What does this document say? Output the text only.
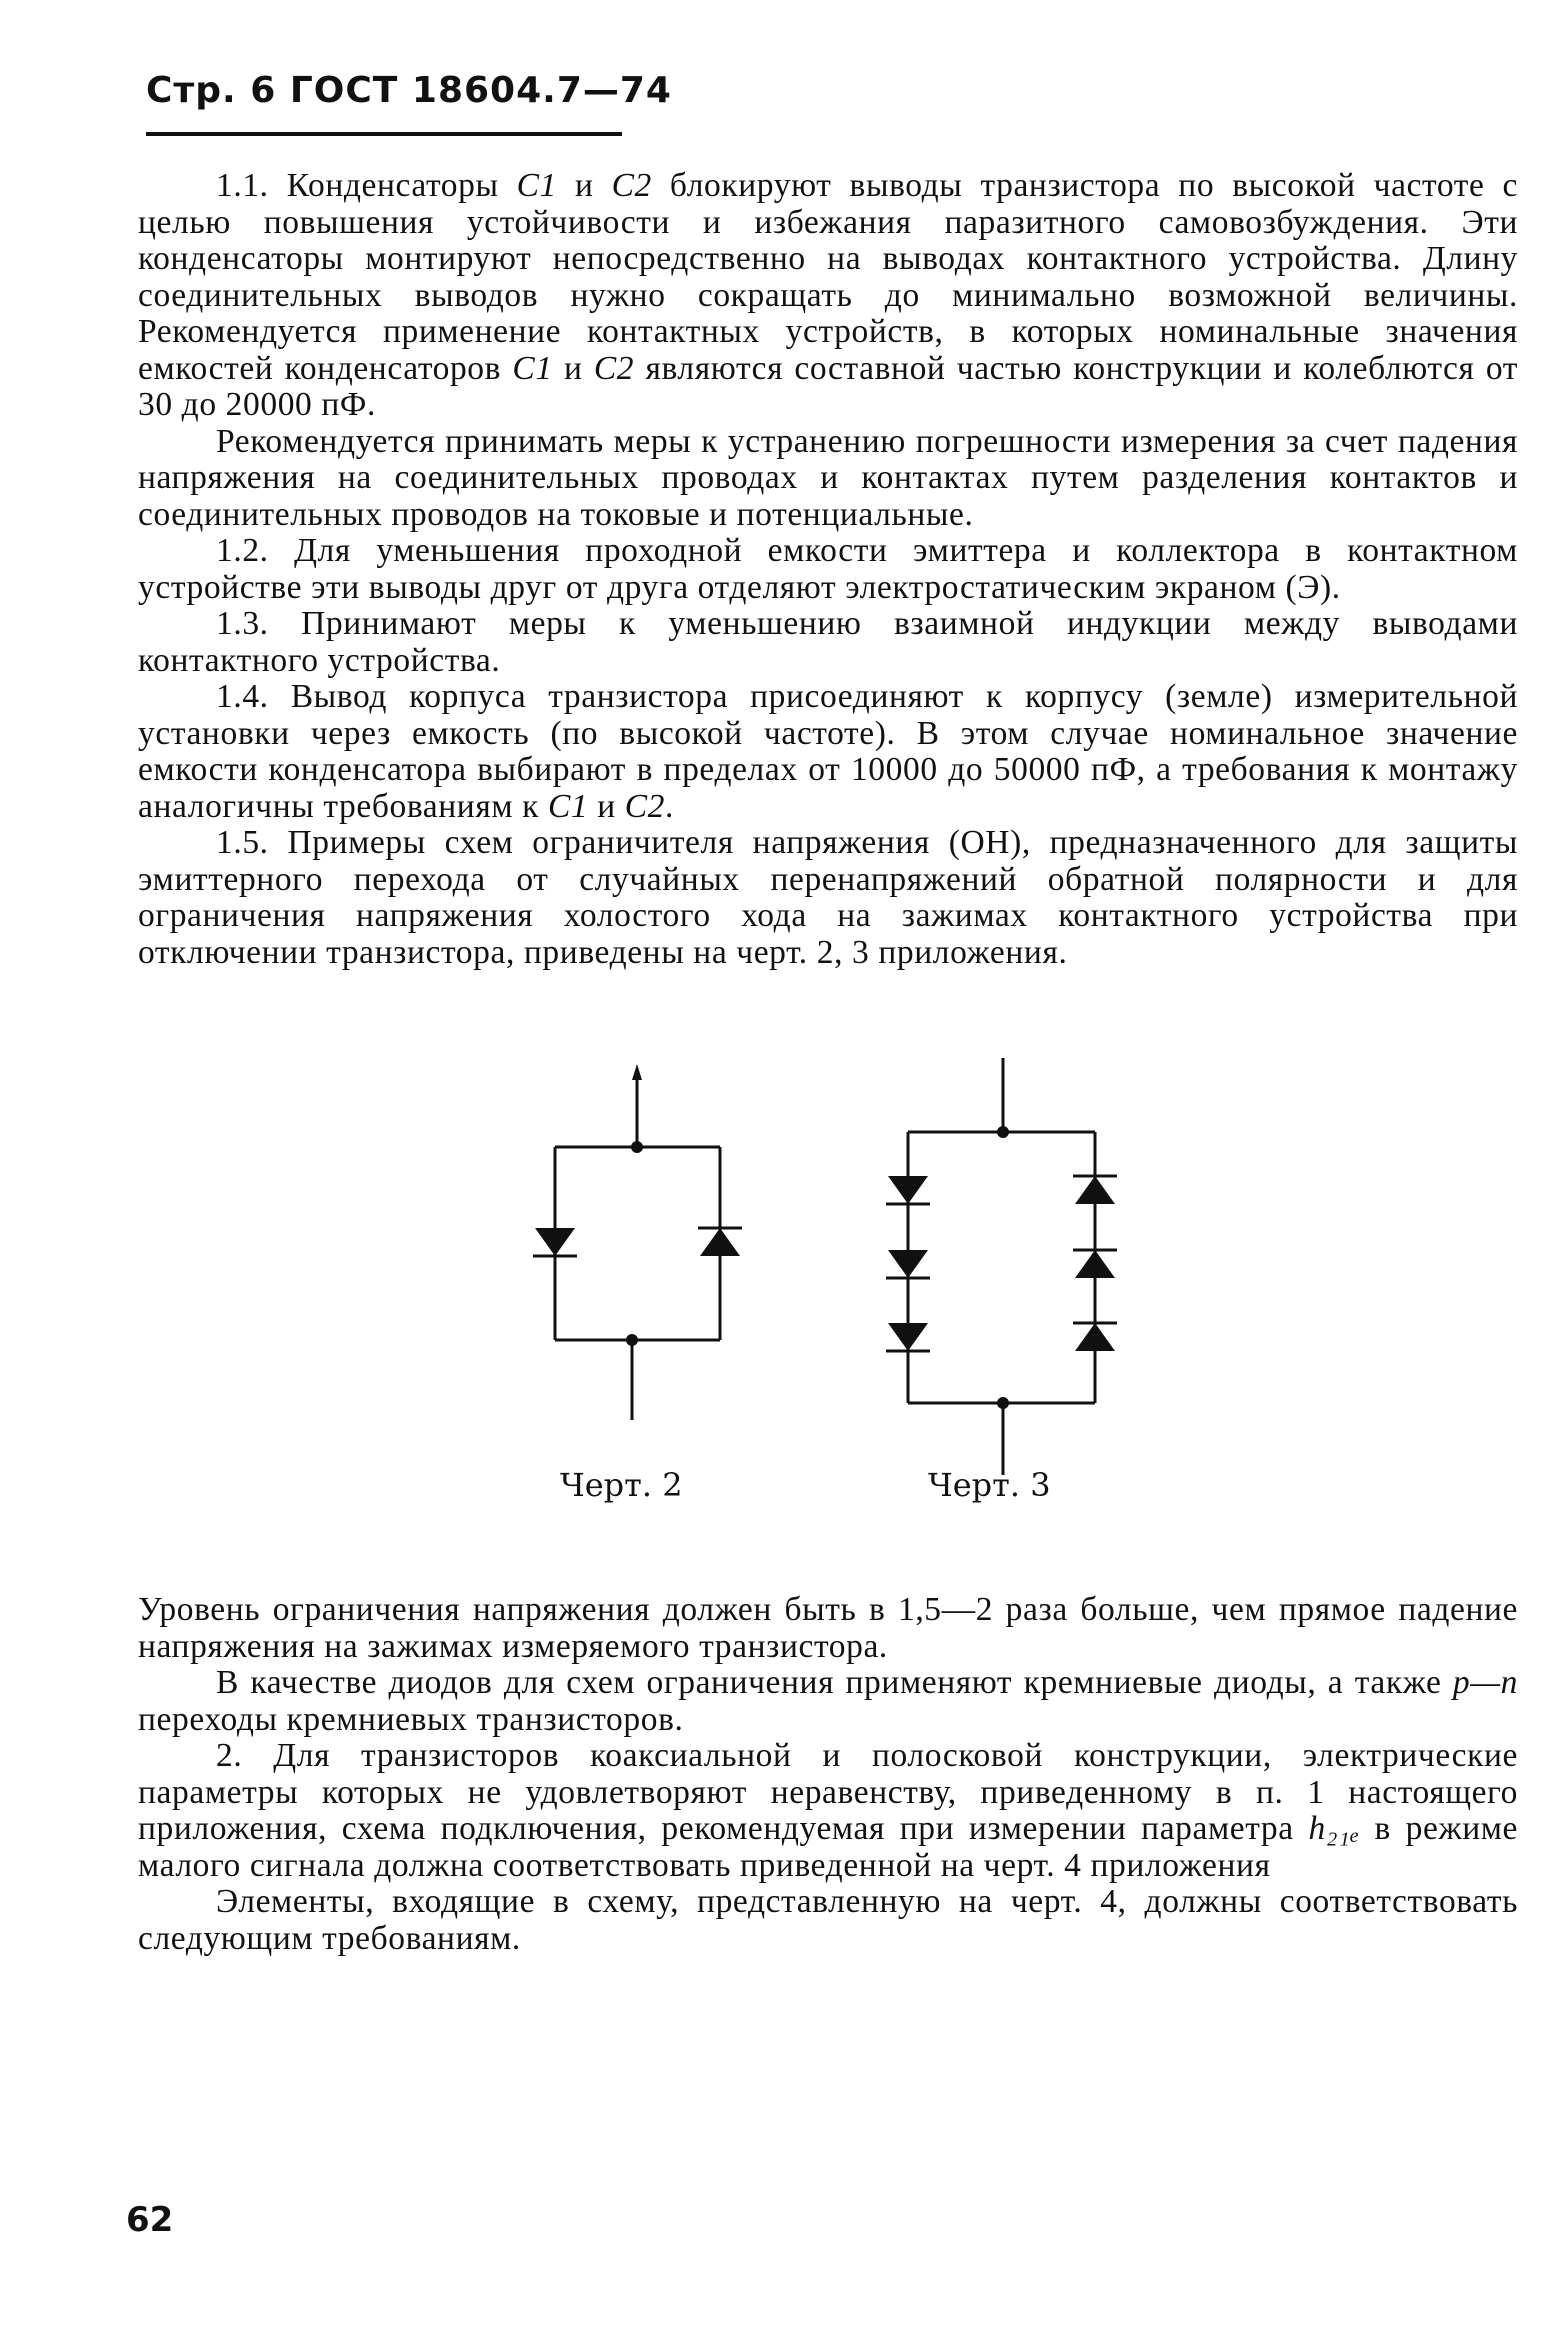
Стр. 6 ГОСТ 18604.7—74

1.1. Конденсаторы C1 и C2 блокируют выводы транзистора по высокой частоте с целью повышения устойчивости и избежания паразитного самовозбуждения. Эти конденсаторы монтируют непосредственно на выводах контактного устройства. Длину соединительных выводов нужно сокращать до минимально возможной величины. Рекомендуется применение контактных устройств, в которых номинальные значения емкостей конденсаторов C1 и C2 являются составной частью конструкции и колеблются от 30 до 20000 пФ.

Рекомендуется принимать меры к устранению погрешности измерения за счет падения напряжения на соединительных проводах и контактах путем разделения контактов и соединительных проводов на токовые и потенциальные.

1.2. Для уменьшения проходной емкости эмиттера и коллектора в контактном устройстве эти выводы друг от друга отделяют электростатическим экраном (Э).

1.3. Принимают меры к уменьшению взаимной индукции между выводами контактного устройства.

1.4. Вывод корпуса транзистора присоединяют к корпусу (земле) измерительной установки через емкость (по высокой частоте). В этом случае номинальное значение емкости конденсатора выбирают в пределах от 10000 до 50000 пФ, а требования к монтажу аналогичны требованиям к C1 и C2.

1.5. Примеры схем ограничителя напряжения (ОН), предназначенного для защиты эмиттерного перехода от случайных перенапряжений обратной полярности и для ограничения напряжения холостого хода на зажимах контактного устройства при отключении транзистора, приведены на черт. 2, 3 приложения.

Черт. 2	Черт. 3

Уровень ограничения напряжения должен быть в 1,5—2 раза больше, чем прямое падение напряжения на зажимах измеряемого транзистора.

В качестве диодов для схем ограничения применяют кремниевые диоды, а также p—n переходы кремниевых транзисторов.

2. Для транзисторов коаксиальной и полосковой конструкции, электрические параметры которых не удовлетворяют неравенству, приведенному в п. 1 настоящего приложения, схема подключения, рекомендуемая при измерении параметра h₂₁ₑ в режиме малого сигнала должна соответствовать приведенной на черт. 4 приложения

Элементы, входящие в схему, представленную на черт. 4, должны соответствовать следующим требованиям.

62
